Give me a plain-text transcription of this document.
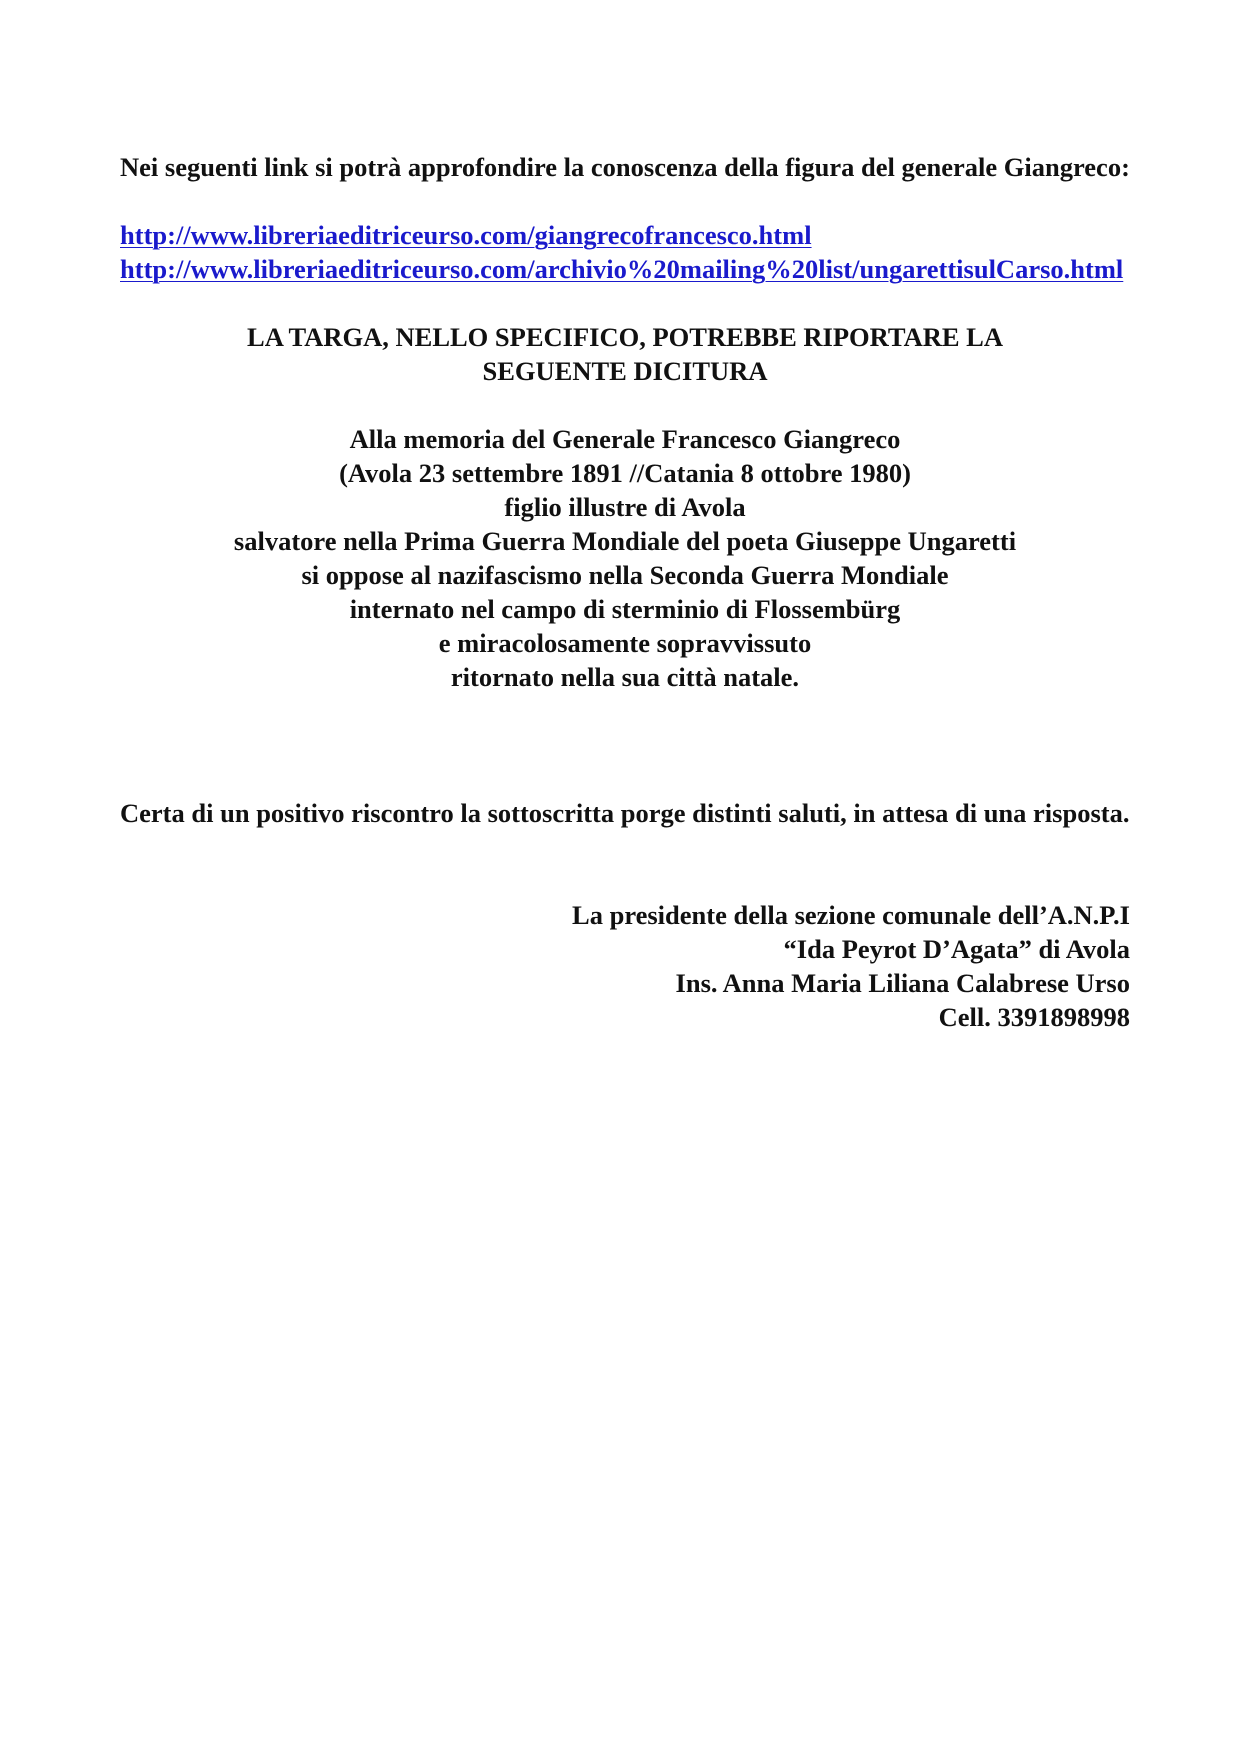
Nei seguenti link si potrà approfondire la conoscenza della figura del generale Giangreco:

http://www.libreriaeditriceurso.com/giangrecofrancesco.html
http://www.libreriaeditriceurso.com/archivio%20mailing%20list/ungarettisulCarso.html
LA TARGA, NELLO SPECIFICO, POTREBBE RIPORTARE LA SEGUENTE DICITURA
Alla memoria del Generale Francesco Giangreco
(Avola 23 settembre 1891 //Catania 8 ottobre 1980)
figlio illustre di Avola
salvatore nella Prima Guerra Mondiale del poeta Giuseppe Ungaretti
si oppose al nazifascismo nella Seconda Guerra Mondiale
internato nel campo di sterminio di Flossembürg
e miracolosamente sopravvissuto
ritornato nella sua città natale.
Certa di un positivo riscontro la sottoscritta porge distinti saluti, in attesa di una risposta.
La presidente della sezione comunale dell’A.N.P.I
“Ida Peyrot D’Agata” di Avola
Ins. Anna Maria Liliana Calabrese Urso
Cell. 3391898998
